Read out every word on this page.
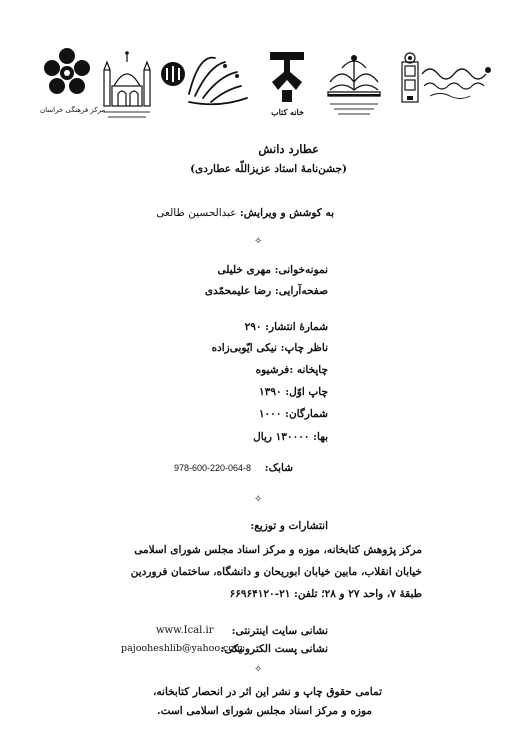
خانه کتاب
مرکز فرهنگی خراسان
عطارد دانش
(جشن‌نامهٔ استاد عزیزاللّه عطاردی)
به کوشش و ویرایش: عبدالحسین طالعی
✧
نمونه‌خوانی: مهری خلیلی
صفحه‌آرایی: رضا علیمحمّدی
شمارهٔ انتشار: ۲۹۰
ناظر چاپ: نیکی ایّوبی‌زاده
چاپخانه :فرشیوه
چاپ اوّل: ۱۳۹۰
شمارگان: ۱۰۰۰
بها: ۱۳۰۰۰۰ ریال
شابک:
978-600-220-064-8
✧
انتشارات و توزیع:
مرکز پژوهش کتابخانه، موزه و مرکز اسناد مجلس شورای اسلامی
خیابان انقلاب، مابین خیابان ابوریحان و دانشگاه، ساختمان فروردین
طبقهٔ ۷، واحد ۲۷ و ۲۸؛ تلفن: ۲۱-۶۶۹۶۴۱۲۰
نشانی سایت اینترنتی:
www.Ical.ir
نشانی پست الکترونیکی:
pajooheshlib@yahoo.com
✧
تمامی حقوق چاپ و نشر این اثر در انحصار کتابخانه،
موزه و مرکز اسناد مجلس شورای اسلامی است.
